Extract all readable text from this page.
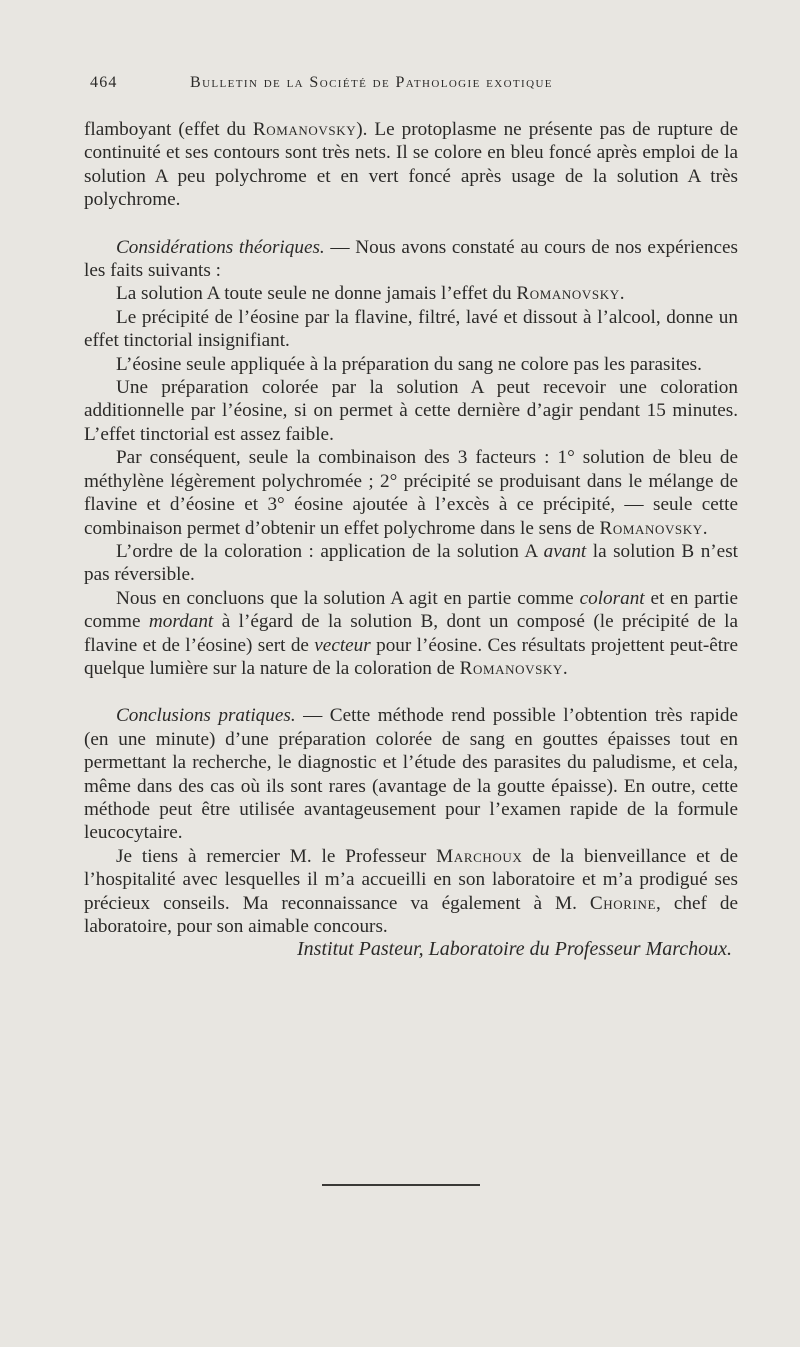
464	Bulletin de la Société de Pathologie exotique

flamboyant (effet du Romanovsky). Le protoplasme ne présente pas de rupture de continuité et ses contours sont très nets. Il se colore en bleu foncé après emploi de la solution A peu polychrome et en vert foncé après usage de la solution A très polychrome.

Considérations théoriques. — Nous avons constaté au cours de nos expériences les faits suivants :

La solution A toute seule ne donne jamais l’effet du Romanovsky.

Le précipité de l’éosine par la flavine, filtré, lavé et dissout à l’alcool, donne un effet tinctorial insignifiant.

L’éosine seule appliquée à la préparation du sang ne colore pas les parasites.

Une préparation colorée par la solution A peut recevoir une coloration additionnelle par l’éosine, si on permet à cette dernière d’agir pendant 15 minutes. L’effet tinctorial est assez faible.

Par conséquent, seule la combinaison des 3 facteurs : 1° solution de bleu de méthylène légèrement polychromée ; 2° précipité se produisant dans le mélange de flavine et d’éosine et 3° éosine ajoutée à l’excès à ce précipité, — seule cette combinaison permet d’obtenir un effet polychrome dans le sens de Romanovsky.

L’ordre de la coloration : application de la solution A avant la solution B n’est pas réversible.

Nous en concluons que la solution A agit en partie comme colorant et en partie comme mordant à l’égard de la solution B, dont un composé (le précipité de la flavine et de l’éosine) sert de vecteur pour l’éosine. Ces résultats projettent peut-être quelque lumière sur la nature de la coloration de Romanovsky.

Conclusions pratiques. — Cette méthode rend possible l’obtention très rapide (en une minute) d’une préparation colorée de sang en gouttes épaisses tout en permettant la recherche, le diagnostic et l’étude des parasites du paludisme, et cela, même dans des cas où ils sont rares (avantage de la goutte épaisse). En outre, cette méthode peut être utilisée avantageusement pour l’examen rapide de la formule leucocytaire.

Je tiens à remercier M. le Professeur Marchoux de la bienveillance et de l’hospitalité avec lesquelles il m’a accueilli en son laboratoire et m’a prodigué ses précieux conseils. Ma reconnaissance va également à M. Chorine, chef de laboratoire, pour son aimable concours.

Institut Pasteur, Laboratoire du Professeur Marchoux.
